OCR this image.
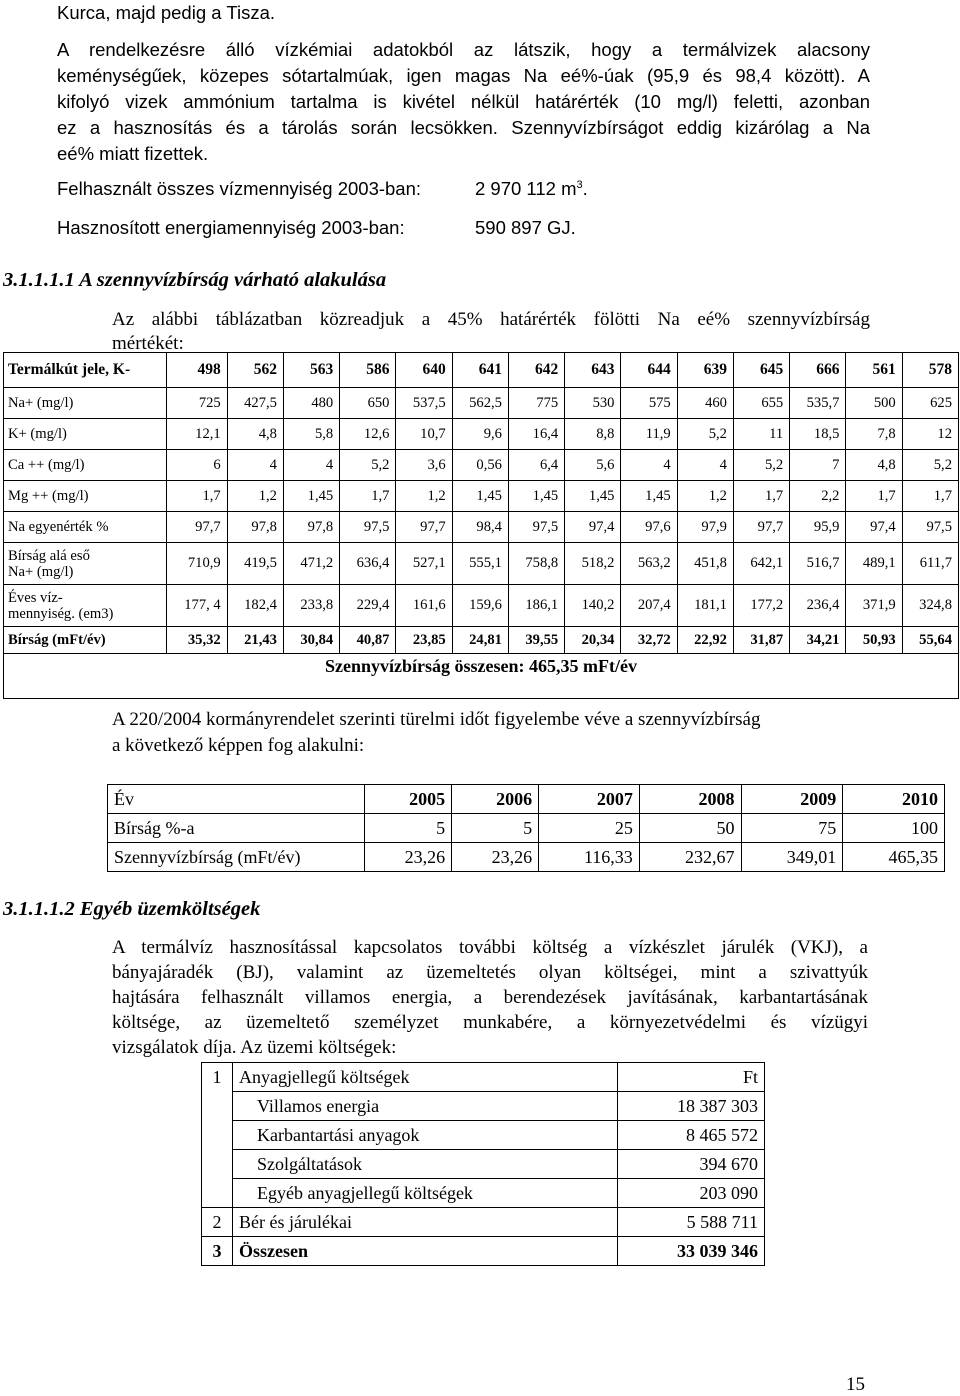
Kurca, majd pedig a Tisza.
A rendelkezésre álló vízkémiai adatokból az látszik, hogy a termálvizek alacsony
keménységűek, közepes sótartalmúak, igen magas Na eé%-úak (95,9 és 98,4 között). A
kifolyó vizek ammónium tartalma is kivétel nélkül határérték (10 mg/l) feletti, azonban
ez a hasznosítás és a tárolás során lecsökken. Szennyvízbírságot eddig kizárólag a Na
eé% miatt fizettek.
Felhasznált összes vízmennyiség 2003-ban:	2 970 112 $m^3$.
Hasznosított energiamennyiség 2003-ban:	590 897 GJ.
3.1.1.1.1 A szennyvízbírság várható alakulása
Az alábbi táblázatban közreadjuk a 45% határérték fölötti Na eé% szennyvízbírság
mértékét:
Termálkút jele, K-	498	562	563	586	640	641	642	643	644	639	645	666	561	578
Na+ (mg/l)	725	427,5	480	650	537,5	562,5	775	530	575	460	655	535,7	500	625
K+ (mg/l)	12,1	4,8	5,8	12,6	10,7	9,6	16,4	8,8	11,9	5,2	11	18,5	7,8	12
Ca ++ (mg/l)	6	4	4	5,2	3,6	0,56	6,4	5,6	4	4	5,2	7	4,8	5,2
Mg ++ (mg/l)	1,7	1,2	1,45	1,7	1,2	1,45	1,45	1,45	1,45	1,2	1,7	2,2	1,7	1,7
Na egyenérték %	97,7	97,8	97,8	97,5	97,7	98,4	97,5	97,4	97,6	97,9	97,7	95,9	97,4	97,5
Bírság alá eső
Na+ (mg/l)	710,9	419,5	471,2	636,4	527,1	555,1	758,8	518,2	563,2	451,8	642,1	516,7	489,1	611,7
Éves víz-
mennyiség. (em3)	177, 4	182,4	233,8	229,4	161,6	159,6	186,1	140,2	207,4	181,1	177,2	236,4	371,9	324,8
Bírság (mFt/év)	35,32	21,43	30,84	40,87	23,85	24,81	39,55	20,34	32,72	22,92	31,87	34,21	50,93	55,64
Szennyvízbírság összesen: 465,35 mFt/év														
A 220/2004 kormányrendelet szerinti türelmi időt figyelembe véve a szennyvízbírság
a következő képpen fog alakulni:
Év	2005	2006	2007	2008	2009	2010
Bírság %-a	5	5	25	50	75	100
Szennyvízbírság (mFt/év)	23,26	23,26	116,33	232,67	349,01	465,35
3.1.1.1.2 Egyéb üzemköltségek
A termálvíz hasznosítással kapcsolatos további költség a vízkészlet járulék (VKJ), a
bányajáradék (BJ), valamint az üzemeltetés olyan költségei, mint a szivattyúk
hajtására felhasznált villamos energia, a berendezések javításának, karbantartásának
költsége, az üzemeltető személyzet munkabére, a környezetvédelmi és vízügyi
vizsgálatok díja. Az üzemi költségek:
1	Anyagjellegű költségek	Ft
	Villamos energia	18 387 303
	Karbantartási anyagok	8 465 572
	Szolgáltatások	394 670
	Egyéb anyagjellegű költségek	203 090
2	Bér és járulékai	5 588 711
3	Összesen	33 039 346
15
